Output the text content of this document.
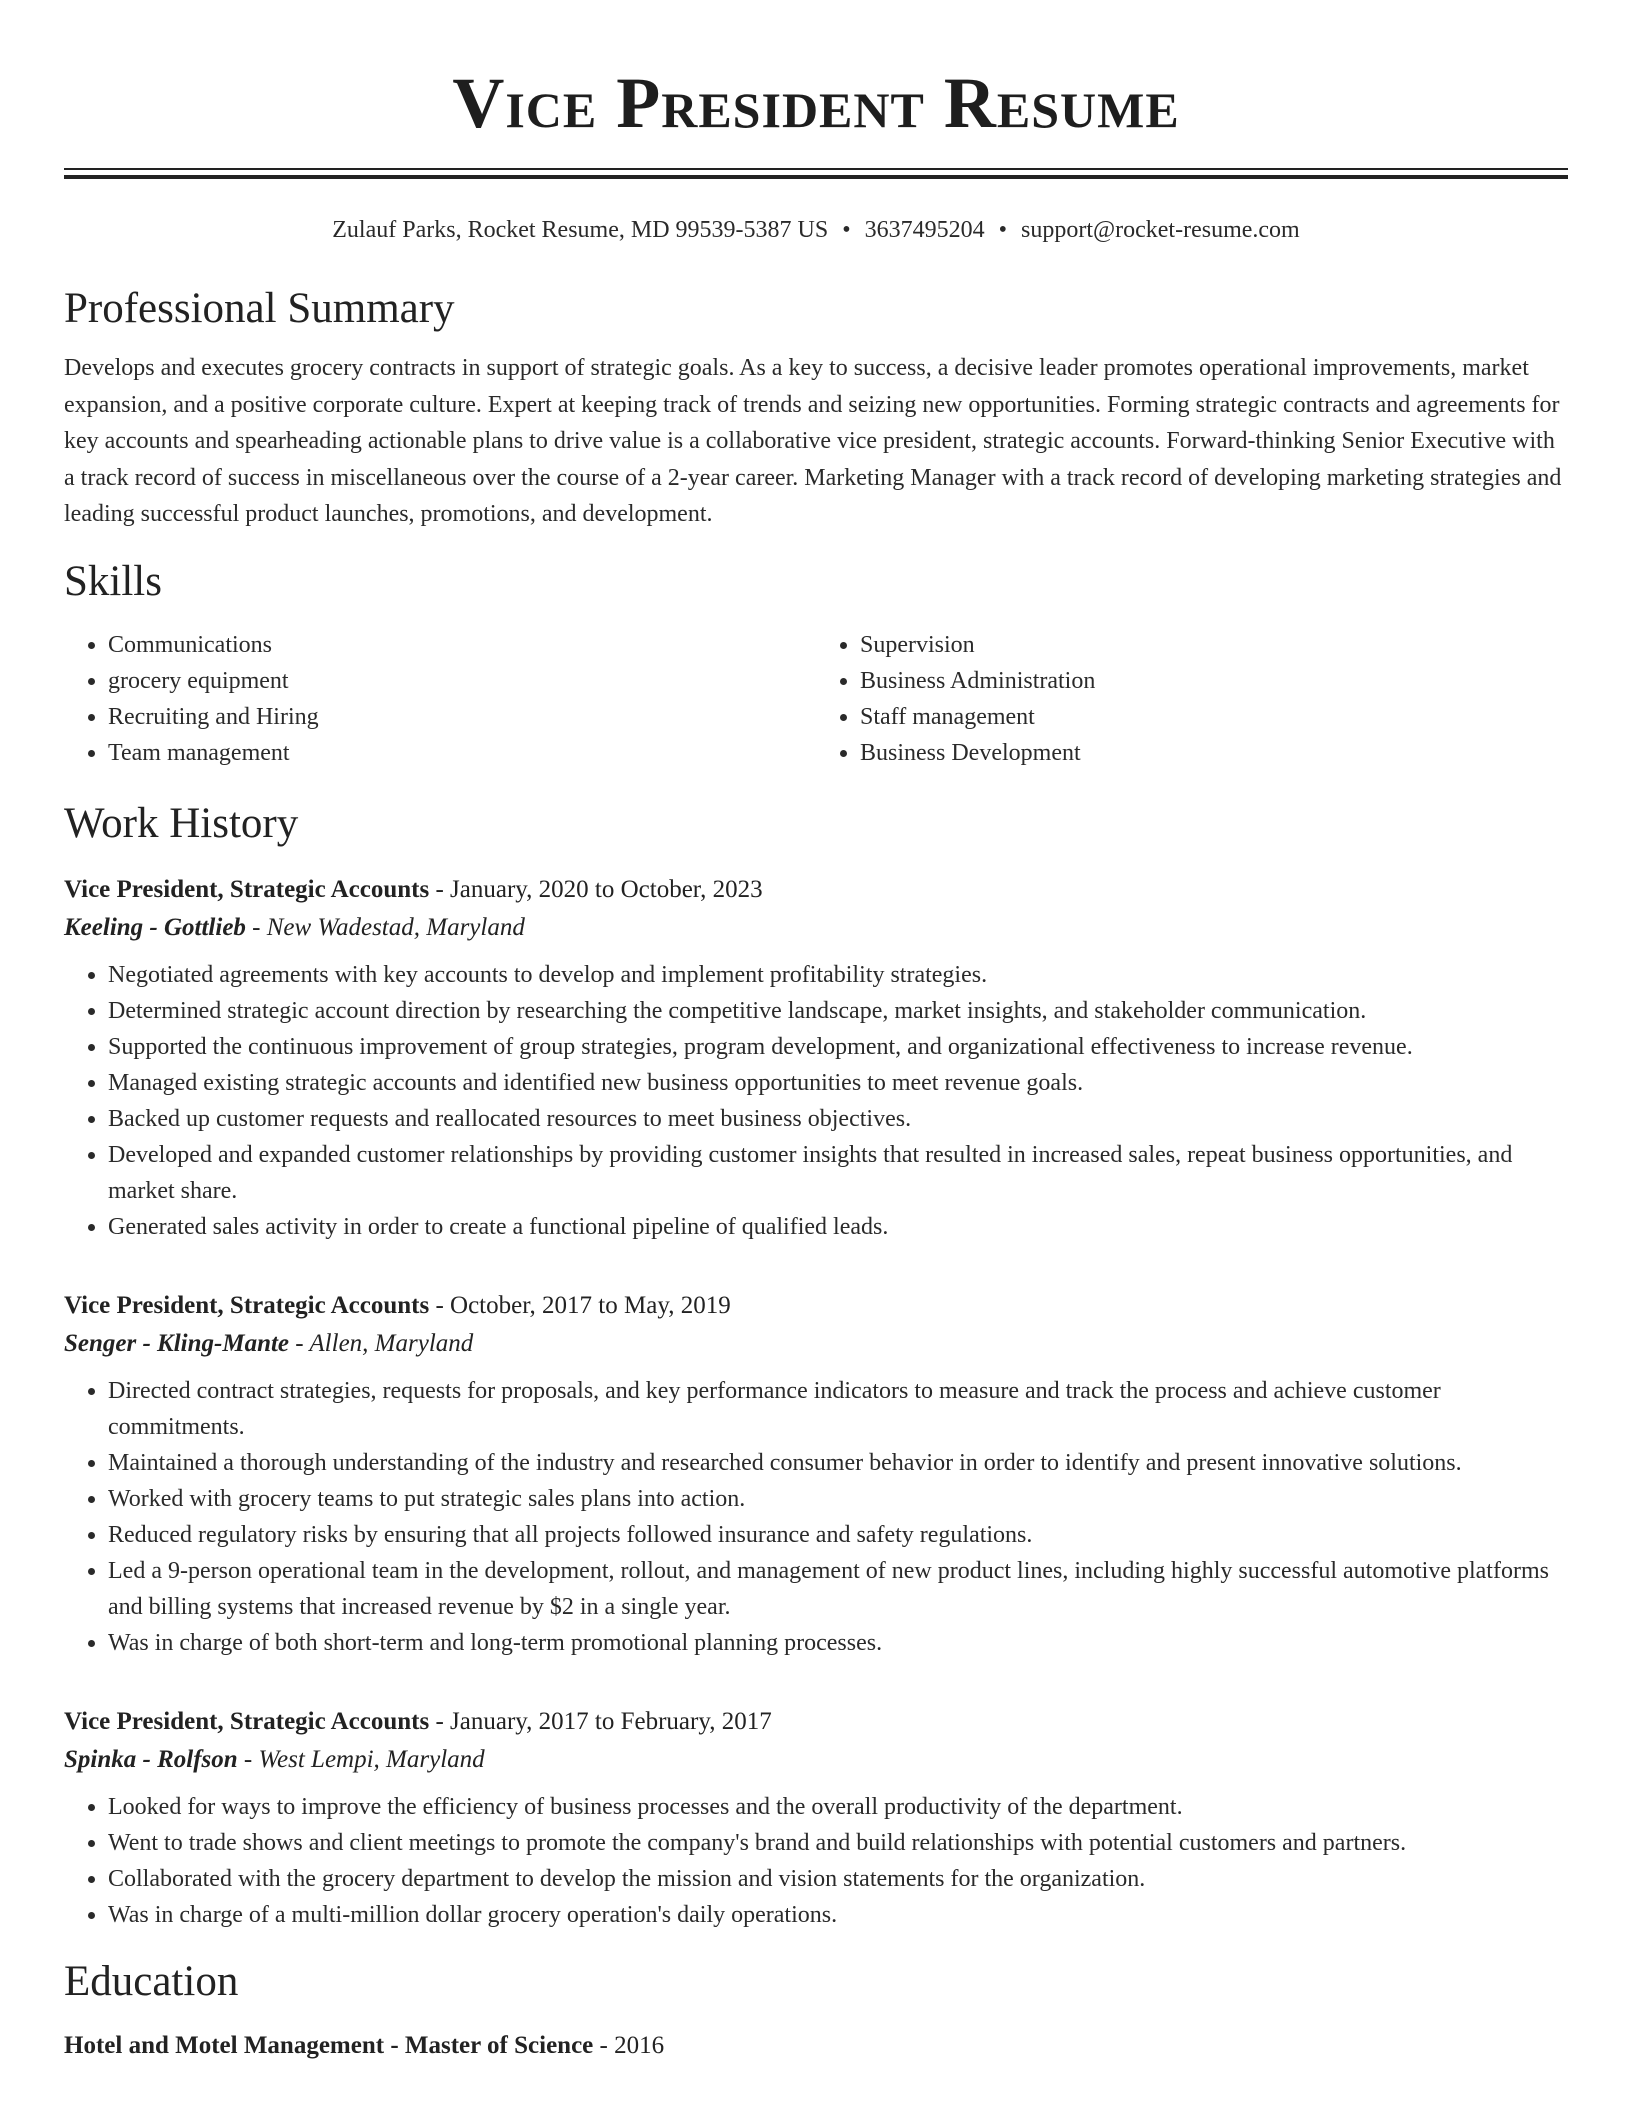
Vice President Resume
Zulauf Parks, Rocket Resume, MD 99539-5387 US • 3637495204 • support@rocket-resume.com
Professional Summary

Develops and executes grocery contracts in support of strategic goals. As a key to success, a decisive leader promotes operational improvements, market expansion, and a positive corporate culture. Expert at keeping track of trends and seizing new opportunities. Forming strategic contracts and agreements for key accounts and spearheading actionable plans to drive value is a collaborative vice president, strategic accounts. Forward-thinking Senior Executive with a track record of success in miscellaneous over the course of a 2-year career. Marketing Manager with a track record of developing marketing strategies and leading successful product launches, promotions, and development.

Skills
• Communications
• grocery equipment
• Recruiting and Hiring
• Team management
• Supervision
• Business Administration
• Staff management
• Business Development
Work History
Vice President, Strategic Accounts - January, 2020 to October, 2023
Keeling - Gottlieb - New Wadestad, Maryland
• Negotiated agreements with key accounts to develop and implement profitability strategies.
• Determined strategic account direction by researching the competitive landscape, market insights, and stakeholder communication.
• Supported the continuous improvement of group strategies, program development, and organizational effectiveness to increase revenue.
• Managed existing strategic accounts and identified new business opportunities to meet revenue goals.
• Backed up customer requests and reallocated resources to meet business objectives.
• Developed and expanded customer relationships by providing customer insights that resulted in increased sales, repeat business opportunities, and market share.
• Generated sales activity in order to create a functional pipeline of qualified leads.
Vice President, Strategic Accounts - October, 2017 to May, 2019
Senger - Kling-Mante - Allen, Maryland
• Directed contract strategies, requests for proposals, and key performance indicators to measure and track the process and achieve customer commitments.
• Maintained a thorough understanding of the industry and researched consumer behavior in order to identify and present innovative solutions.
• Worked with grocery teams to put strategic sales plans into action.
• Reduced regulatory risks by ensuring that all projects followed insurance and safety regulations.
• Led a 9-person operational team in the development, rollout, and management of new product lines, including highly successful automotive platforms and billing systems that increased revenue by $2 in a single year.
• Was in charge of both short-term and long-term promotional planning processes.
Vice President, Strategic Accounts - January, 2017 to February, 2017
Spinka - Rolfson - West Lempi, Maryland
• Looked for ways to improve the efficiency of business processes and the overall productivity of the department.
• Went to trade shows and client meetings to promote the company's brand and build relationships with potential customers and partners.
• Collaborated with the grocery department to develop the mission and vision statements for the organization.
• Was in charge of a multi-million dollar grocery operation's daily operations.
Education
Hotel and Motel Management - Master of Science - 2016
